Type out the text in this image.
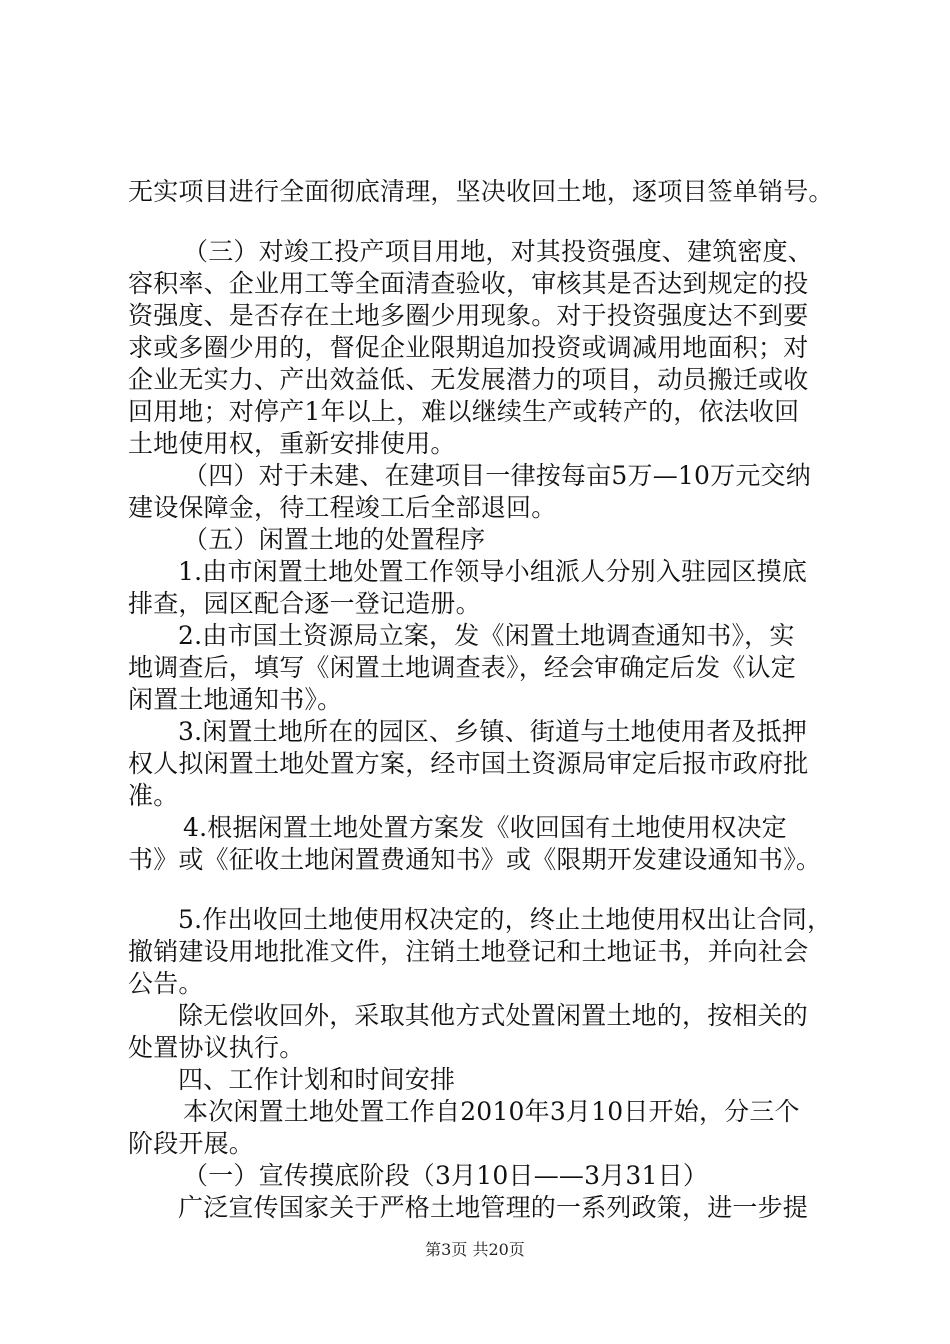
无实项目进行全面彻底清理，坚决收回土地，逐项目签单销号。
（三）对竣工投产项目用地，对其投资强度、建筑密度、
容积率、企业用工等全面清查验收，审核其是否达到规定的投
资强度、是否存在土地多圈少用现象。对于投资强度达不到要
求或多圈少用的，督促企业限期追加投资或调减用地面积；对
企业无实力、产出效益低、无发展潜力的项目，动员搬迁或收
回用地；对停产1年以上，难以继续生产或转产的，依法收回
土地使用权，重新安排使用。
（四）对于未建、在建项目一律按每亩5万—10万元交纳
建设保障金，待工程竣工后全部退回。
（五）闲置土地的处置程序
1.由市闲置土地处置工作领导小组派人分别入驻园区摸底
排查，园区配合逐一登记造册。
2.由市国土资源局立案，发《闲置土地调查通知书》，实
地调查后，填写《闲置土地调查表》，经会审确定后发《认定
闲置土地通知书》。
3.闲置土地所在的园区、乡镇、街道与土地使用者及抵押
权人拟闲置土地处置方案，经市国土资源局审定后报市政府批
准。
4.根据闲置土地处置方案发《收回国有土地使用权决定
书》或《征收土地闲置费通知书》或《限期开发建设通知书》。
5.作出收回土地使用权决定的，终止土地使用权出让合同，
撤销建设用地批准文件，注销土地登记和土地证书，并向社会
公告。
除无偿收回外，采取其他方式处置闲置土地的，按相关的
处置协议执行。
四、工作计划和时间安排
本次闲置土地处置工作自2010年3月10日开始，分三个
阶段开展。
（一）宣传摸底阶段（3月10日——3月31日）
广泛宣传国家关于严格土地管理的一系列政策，进一步提
第3页 共20页
